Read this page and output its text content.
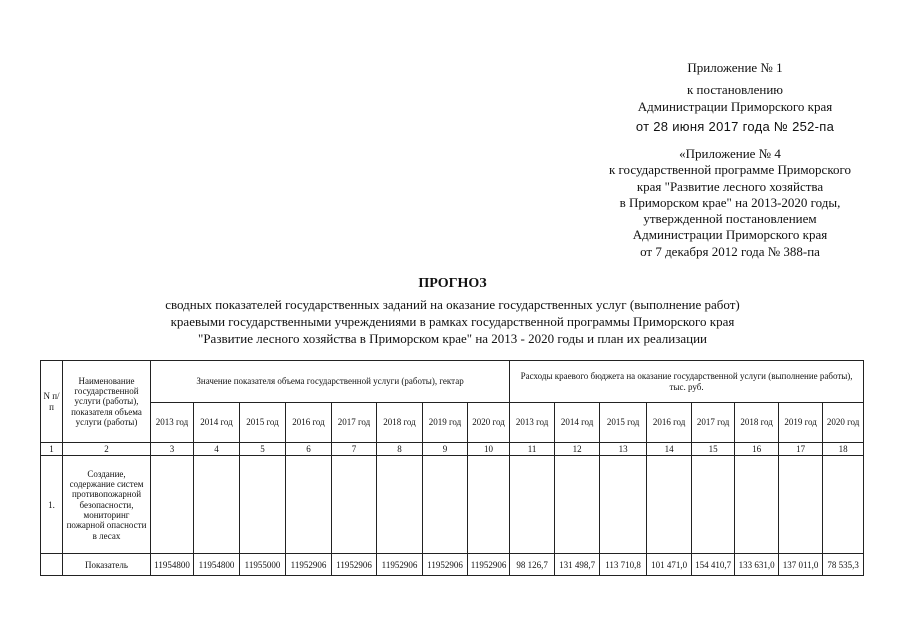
Приложение № 1
к постановлению
Администрации Приморского края
от 28 июня 2017 года № 252-па
«Приложение № 4
к государственной программе Приморского
края "Развитие лесного хозяйства
в Приморском крае" на 2013-2020 годы,
утвержденной постановлением
Администрации Приморского края
от 7 декабря 2012 года № 388-па
ПРОГНОЗ
сводных показателей государственных заданий на оказание государственных услуг (выполнение работ)
краевыми государственными учреждениями в рамках государственной программы Приморского края
"Развитие лесного хозяйства в Приморском крае" на 2013 - 2020 годы и план их реализации
N п/п	Наименование государственной услуги (работы), показателя объема услуги (работы)	Значение показателя объема государственной услуги (работы), гектар								Расходы краевого бюджета на оказание государственной услуги (выполнение работы), тыс. руб.							
		2013 год	2014 год	2015 год	2016 год	2017 год	2018 год	2019 год	2020 год	2013 год	2014 год	2015 год	2016 год	2017 год	2018 год	2019 год	2020 год
1	2	3	4	5	6	7	8	9	10	11	12	13	14	15	16	17	18
1.	Создание, содержание систем противопожарной безопасности, мониторинг пожарной опасности в лесах																
	Показатель	11954800	11954800	11955000	11952906	11952906	11952906	11952906	11952906	98 126,7	131 498,7	113 710,8	101 471,0	154 410,7	133 631,0	137 011,0	78 535,3
